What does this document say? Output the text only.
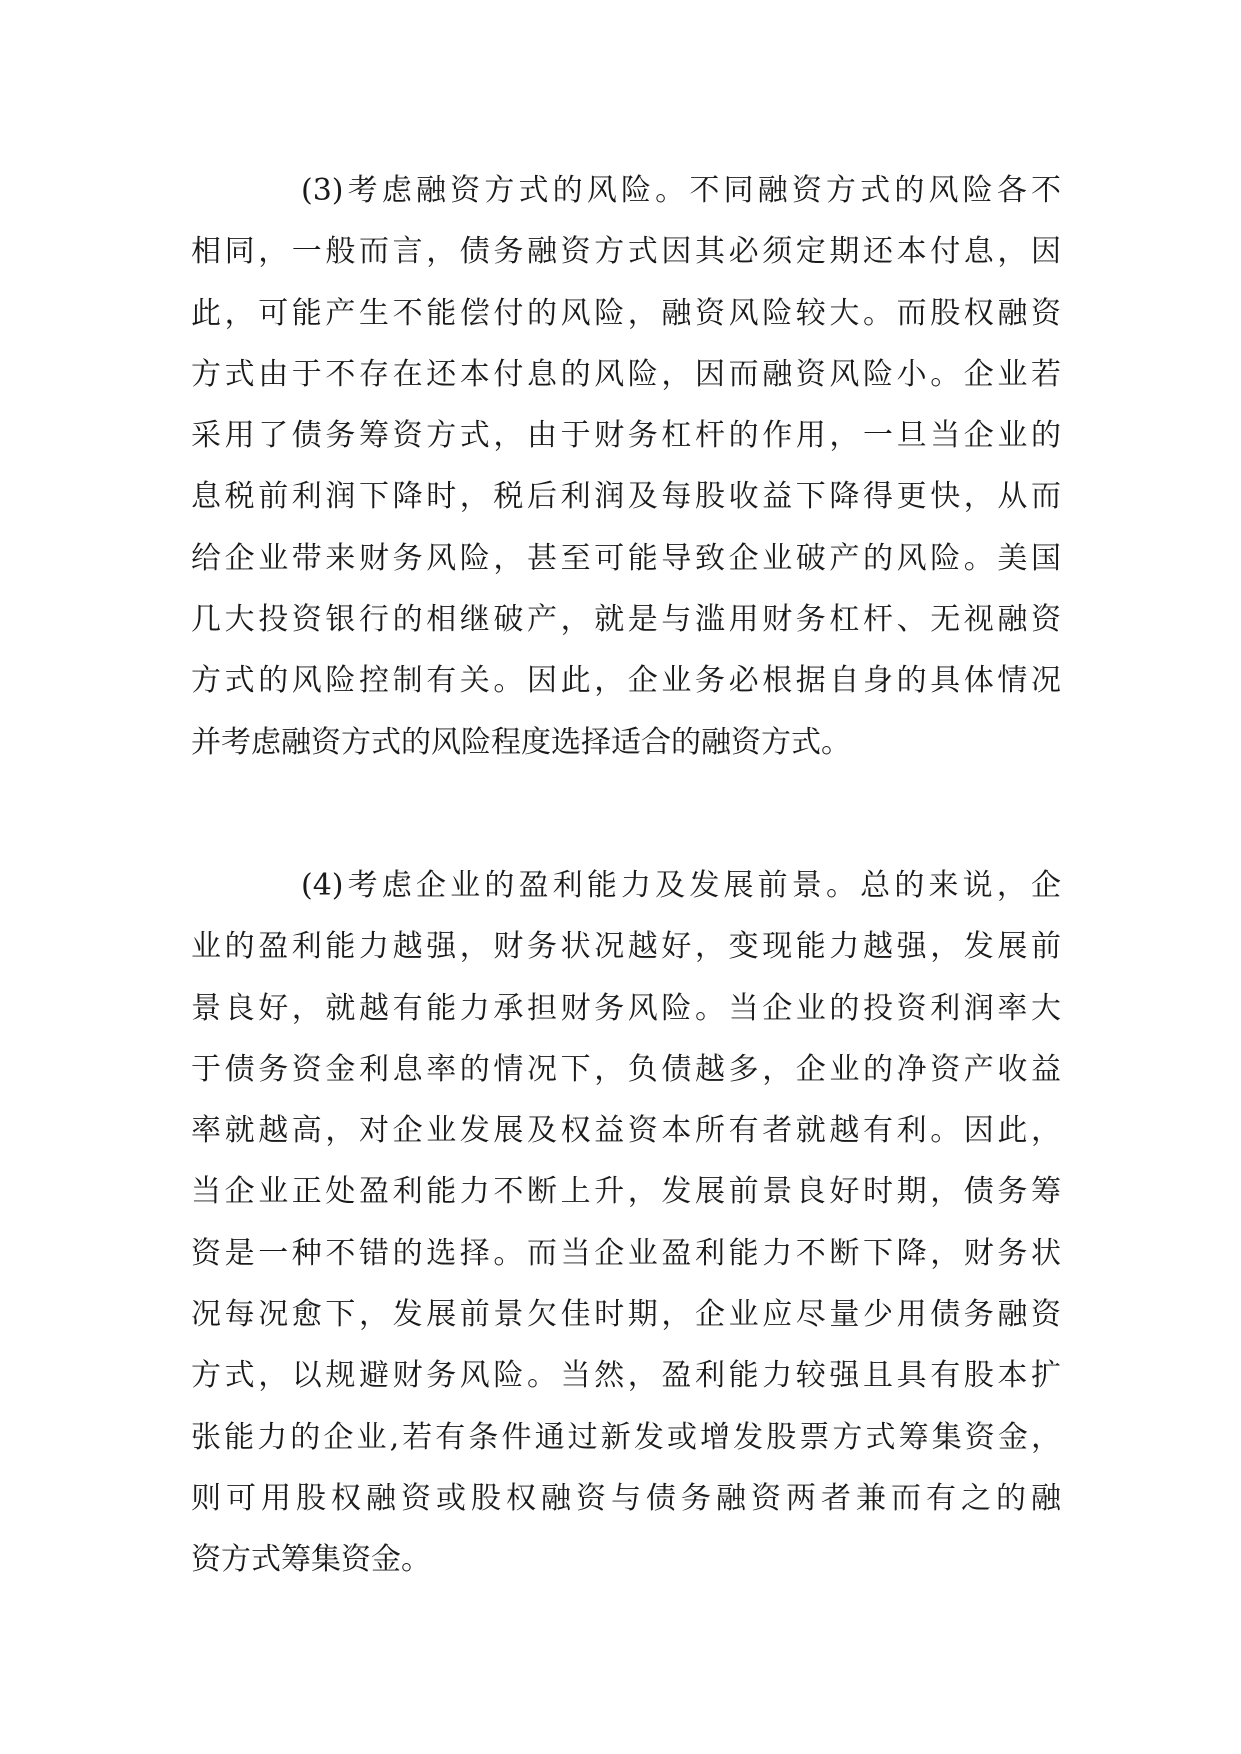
(3)考虑融资方式的风险。不同融资方式的风险各不
相同，一般而言，债务融资方式因其必须定期还本付息，因
此，可能产生不能偿付的风险，融资风险较大。而股权融资
方式由于不存在还本付息的风险，因而融资风险小。企业若
采用了债务筹资方式，由于财务杠杆的作用，一旦当企业的
息税前利润下降时，税后利润及每股收益下降得更快，从而
给企业带来财务风险，甚至可能导致企业破产的风险。美国
几大投资银行的相继破产，就是与滥用财务杠杆、无视融资
方式的风险控制有关。因此，企业务必根据自身的具体情况
并考虑融资方式的风险程度选择适合的融资方式。
(4)考虑企业的盈利能力及发展前景。总的来说，企
业的盈利能力越强，财务状况越好，变现能力越强，发展前
景良好，就越有能力承担财务风险。当企业的投资利润率大
于债务资金利息率的情况下，负债越多，企业的净资产收益
率就越高，对企业发展及权益资本所有者就越有利。因此，
当企业正处盈利能力不断上升，发展前景良好时期，债务筹
资是一种不错的选择。而当企业盈利能力不断下降，财务状
况每况愈下，发展前景欠佳时期，企业应尽量少用债务融资
方式，以规避财务风险。当然，盈利能力较强且具有股本扩
张能力的企业,若有条件通过新发或增发股票方式筹集资金，
则可用股权融资或股权融资与债务融资两者兼而有之的融
资方式筹集资金。
